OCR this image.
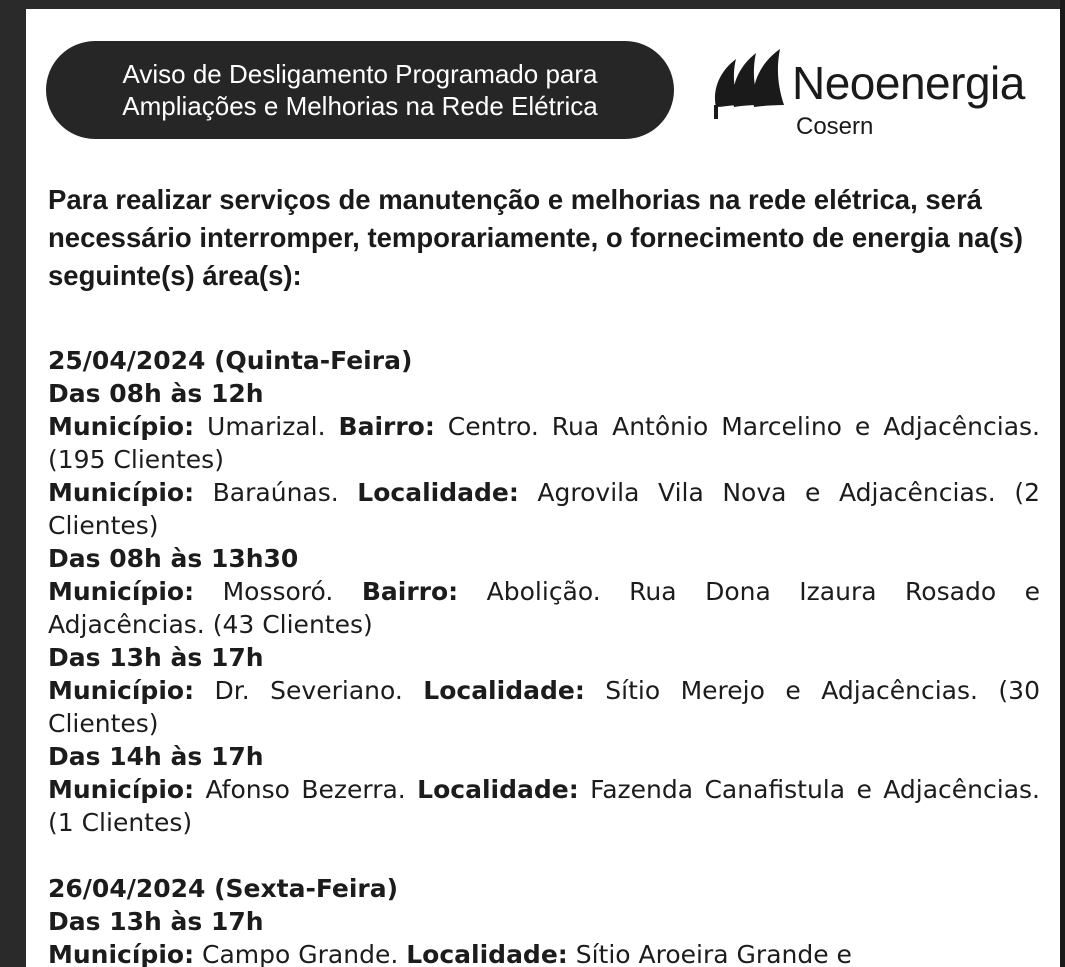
Aviso de Desligamento Programado para
Ampliações e Melhorias na Rede Elétrica	Neoenergia
Cosern
Para realizar serviços de manutenção e melhorias na rede elétrica, será necessário interromper, temporariamente, o fornecimento de energia na(s) seguinte(s) área(s):
25/04/2024 (Quinta-Feira)
Das 08h às 12h
Município: Umarizal. Bairro: Centro. Rua Antônio Marcelino e Adjacências. (195 Clientes)
Município: Baraúnas. Localidade: Agrovila Vila Nova e Adjacências. (2 Clientes)
Das 08h às 13h30
Município: Mossoró. Bairro: Abolição. Rua Dona Izaura Rosado e Adjacências. (43 Clientes)
Das 13h às 17h
Município: Dr. Severiano. Localidade: Sítio Merejo e Adjacências. (30 Clientes)
Das 14h às 17h
Município: Afonso Bezerra. Localidade: Fazenda Canafistula e Adjacências. (1 Clientes)
26/04/2024 (Sexta-Feira)
Das 13h às 17h
Município: Campo Grande. Localidade: Sítio Aroeira Grande e
